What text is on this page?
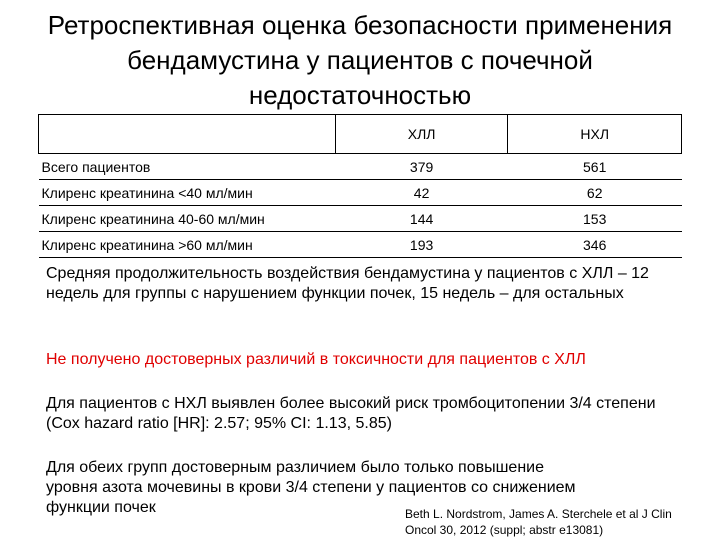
Ретроспективная оценка безопасности применения
бендамустина у пациентов с почечной
недостаточностью
	ХЛЛ	НХЛ
Всего пациентов	379	561
Клиренс креатинина <40 мл/мин	42	62
Клиренс креатинина 40-60 мл/мин	144	153
Клиренс креатинина >60 мл/мин	193	346
Средняя продолжительность воздействия бендамустина у пациентов с ХЛЛ – 12 недель для группы с нарушением функции почек, 15 недель – для остальных
Не получено достоверных различий в токсичности для пациентов с ХЛЛ
Для пациентов с НХЛ выявлен более высокий риск тромбоцитопении 3/4 степени (Cox hazard ratio [HR]: 2.57; 95% CI: 1.13, 5.85)
Для обеих групп достоверным различием было только повышение
уровня азота мочевины в крови 3/4 степени у пациентов со снижением
функции почек	Beth L. Nordstrom, James A. Sterchele et al J Clin
Oncol 30, 2012 (suppl; abstr e13081)
